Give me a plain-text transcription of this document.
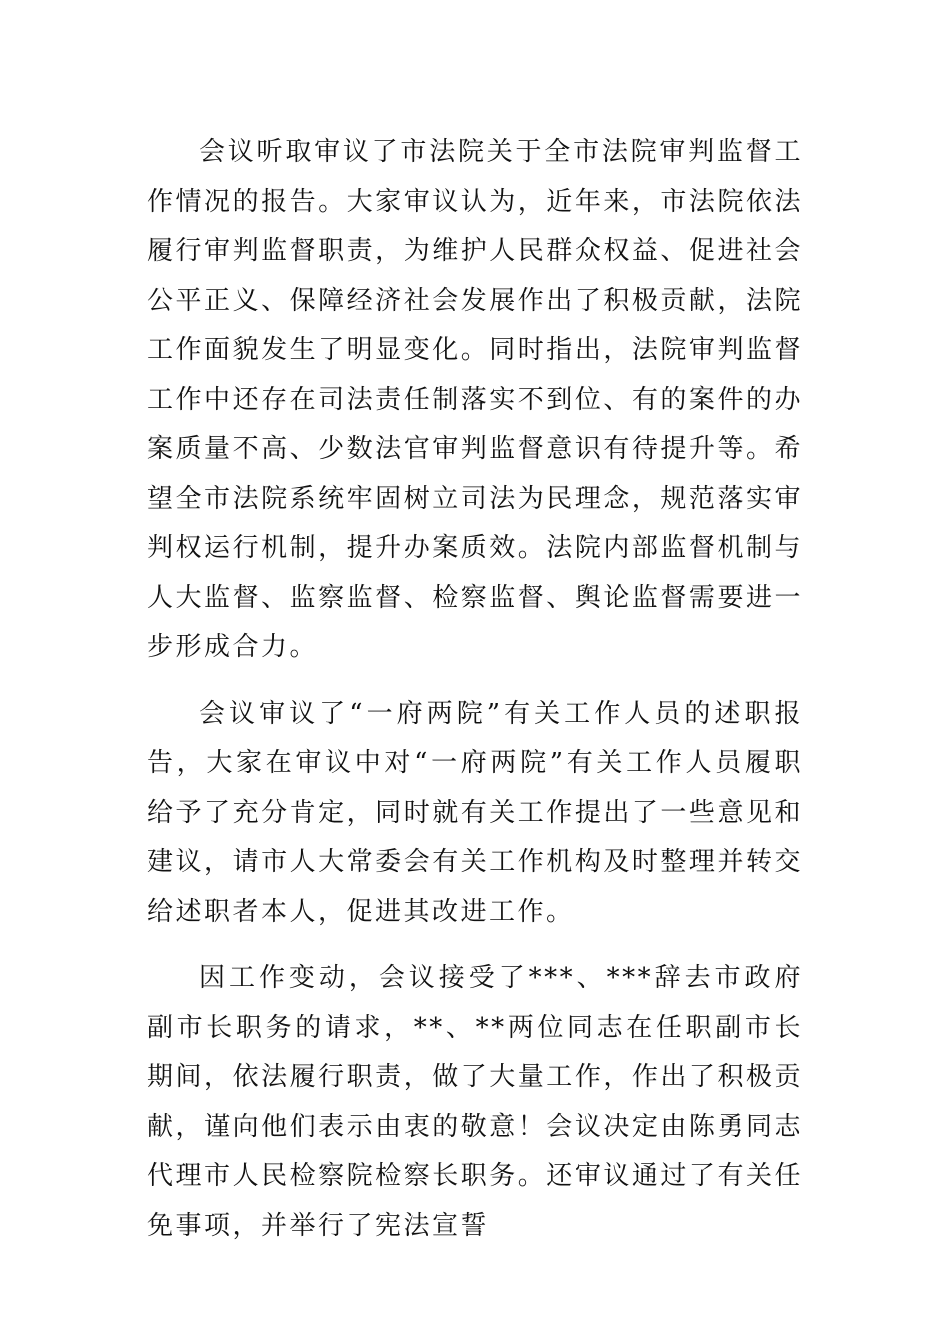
会议听取审议了市法院关于全市法院审判监督工作情况的报告。大家审议认为，近年来，市法院依法履行审判监督职责，为维护人民群众权益、促进社会公平正义、保障经济社会发展作出了积极贡献，法院工作面貌发生了明显变化。同时指出，法院审判监督工作中还存在司法责任制落实不到位、有的案件的办案质量不高、少数法官审判监督意识有待提升等。希望全市法院系统牢固树立司法为民理念，规范落实审判权运行机制，提升办案质效。法院内部监督机制与人大监督、监察监督、检察监督、舆论监督需要进一步形成合力。

会议审议了“一府两院”有关工作人员的述职报告，大家在审议中对“一府两院”有关工作人员履职给予了充分肯定，同时就有关工作提出了一些意见和建议，请市人大常委会有关工作机构及时整理并转交给述职者本人，促进其改进工作。

因工作变动，会议接受了***、***辞去市政府副市长职务的请求，**、**两位同志在任职副市长期间，依法履行职责，做了大量工作，作出了积极贡献，谨向他们表示由衷的敬意！会议决定由陈勇同志代理市人民检察院检察长职务。还审议通过了有关任免事项，并举行了宪法宣誓
